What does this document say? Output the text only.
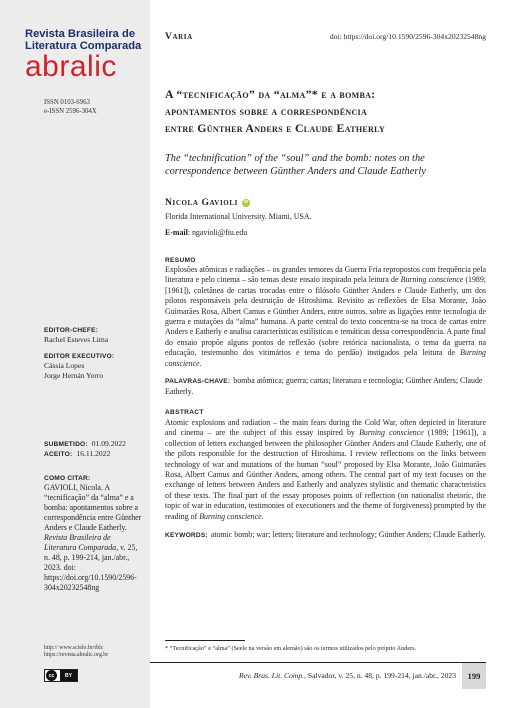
Revista Brasileira de
Literatura Comparada
abralic
ISSN 0103-6963
e-ISSN 2596-304X
EDITOR-CHEFE:
Rachel Esteves Lima
EDITOR EXECUTIVO:
Cássia Lopes
Jorge Hernán Yerro
SUBMETIDO: 01.09.2022
ACEITO: 16.11.2022
COMO CITAR:
GAVIOLI, Nicola. A “tecnificação” da “alma” e a bomba: apontamentos sobre a correspondência entre Günther Anders e Claude Eatherly. Revista Brasileira de Literatura Comparada, v. 25, n. 48, p. 199-214, jan./abr., 2023. doi: https://doi.org/10.1590/2596-304x20232548ng
http:// www.scielo.br/rblc
https://revista.abralic.org.br
cc	BY
Varia	doi: https://doi.org/10.1590/2596-304x20232548ng
A “tecnificação” da “alma”* e a bomba:
apontamentos sobre a correspondência
entre Günther Anders e Claude Eatherly
The “technification” of the “soul” and the bomb: notes on the correspondence between Günther Anders and Claude Eatherly
Nicola Gavioli	iD
Florida International University. Miami, USA.
E-mail: ngavioli@fiu.edu
RESUMO
Explosões atômicas e radiações – os grandes temores da Guerra Fria repropostos com frequência pela literatura e pelo cinema – são temas deste ensaio inspirado pela leitura de Burning conscience (1989; [1961]), coletânea de cartas trocadas entre o filósofo Günther Anders e Claude Eatherly, um dos pilotos responsáveis pela destruição de Hiroshima. Revisito as reflexões de Elsa Morante, João Guimarães Rosa, Albert Camus e Günther Anders, entre outros, sobre as ligações entre tecnologia de guerra e mutações da “alma” humana. A parte central do texto concentra-se na troca de cartas entre Anders e Eatherly e analisa características estilísticas e temáticas dessa correspondência. A parte final do ensaio propõe alguns pontos de reflexão (sobre retórica nacionalista, o tema da guerra na educação, testemunho dos vitimários e tema do perdão) instigados pela leitura de Burning conscience.
PALAVRAS-CHAVE: bomba atômica; guerra; cartas; literatura e tecnologia; Günther Anders; Claude Eatherly.
ABSTRACT
Atomic explosions and radiation – the main fears during the Cold War, often depicted in literature and cinema – are the subject of this essay inspired by Burning conscience (1989; [1961]), a collection of letters exchanged between the philosopher Günther Anders and Claude Eatherly, one of the pilots responsible for the destruction of Hiroshima. I review reflections on the links between technology of war and mutations of the human “soul” proposed by Elsa Morante, João Guimarães Rosa, Albert Camus and Günther Anders, among others. The central part of my text focuses on the exchange of letters between Anders and Eatherly and analyzes stylistic and thematic characteristics of these texts. The final part of the essay proposes points of reflection (on nationalist rhetoric, the topic of war in education, testimonies of executioners and the theme of forgiveness) prompted by the reading of Burning conscience.
KEYWORDS: atomic bomb; war; letters; literature and technology; Günther Anders; Claude Eatherly.
* “Tecnificação” e “alma” (Seele na versão em alemão) são os termos utilizados pelo próprio Anders.
Rev. Bras. Lit. Comp., Salvador, v. 25, n. 48, p. 199-214, jan./abr., 2023	199
